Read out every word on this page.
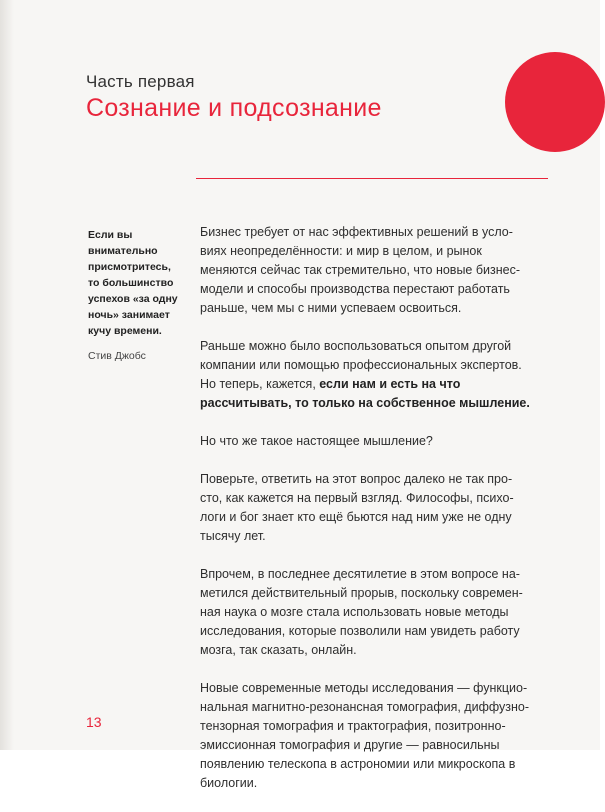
Часть первая
Сознание и подсознание

Если вы
внимательно
присмотритесь,
то большинство
успехов «за одну
ночь» занимает
кучу времени.

Стив Джобс

Бизнес требует от нас эффективных решений в условиях неопределённости: и мир в целом, и рынок меняются сейчас так стремительно, что новые бизнес-модели и способы производства перестают работать раньше, чем мы с ними успеваем освоиться.

Раньше можно было воспользоваться опытом другой компании или помощью профессиональных экспертов. Но теперь, кажется, если нам и есть на что рассчитывать, то только на собственное мышление.

Но что же такое настоящее мышление?

Поверьте, ответить на этот вопрос далеко не так просто, как кажется на первый взгляд. Философы, психологи и бог знает кто ещё бьются над ним уже не одну тысячу лет.

Впрочем, в последнее десятилетие в этом вопросе наметился действительный прорыв, поскольку современная наука о мозге стала использовать новые методы исследования, которые позволили нам увидеть работу мозга, так сказать, онлайн.

Новые современные методы исследования — функциональная магнитно-резонансная томография, диффузно-тензорная томография и трактография, позитронно-эмиссионная томография и другие — равносильны появлению телескопа в астрономии или микроскопа в биологии.

13
